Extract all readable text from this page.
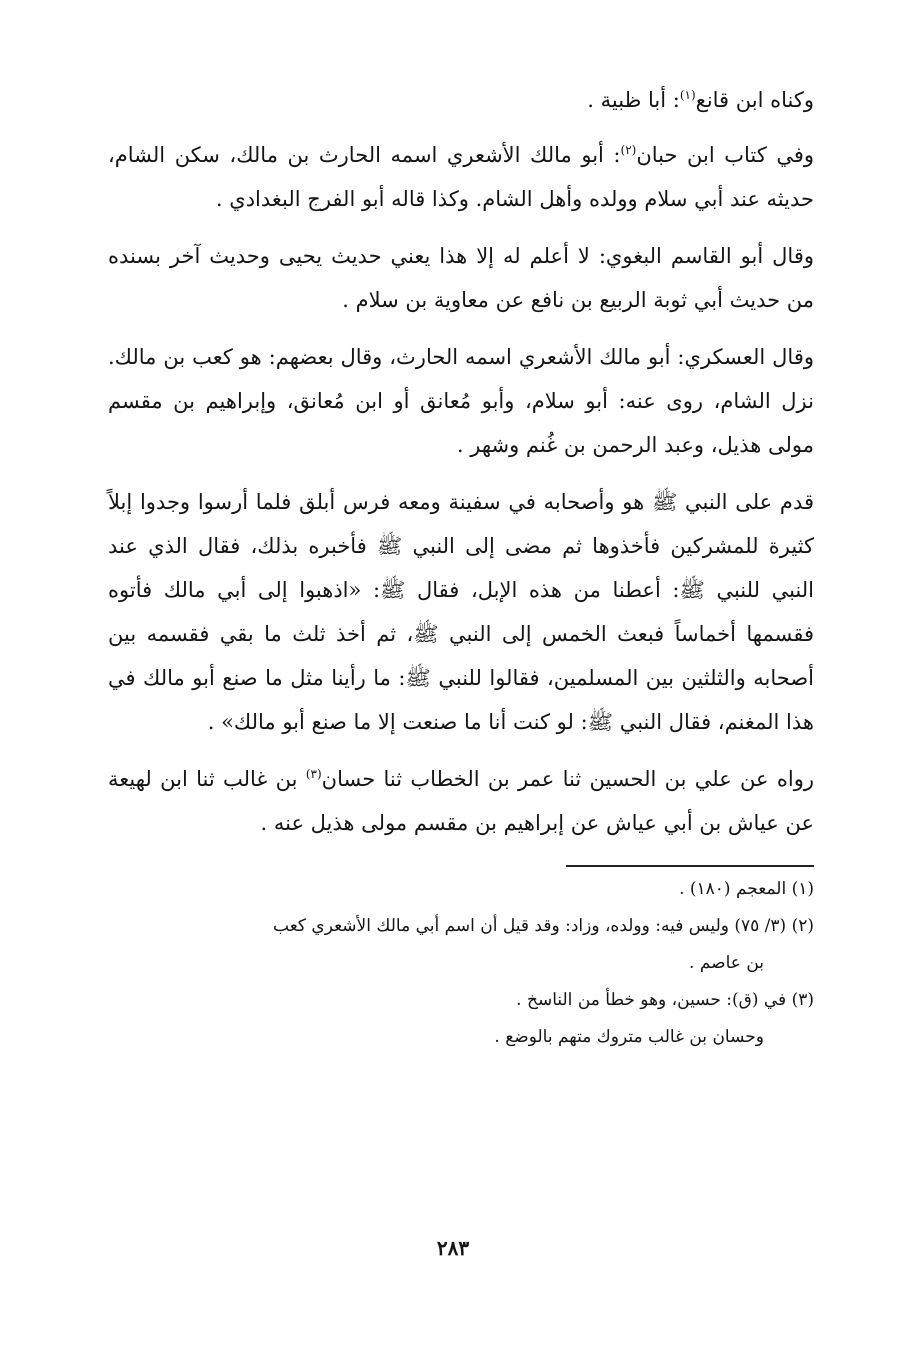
وكناه ابن قانع$^{(١)}$: أبا ظبية .

وفي كتاب ابن حبان$^{(٢)}$: أبو مالك الأشعري اسمه الحارث بن مالك، سكن الشام، حديثه عند أبي سلام وولده وأهل الشام. وكذا قاله أبو الفرج البغدادي .

وقال أبو القاسم البغوي: لا أعلم له إلا هذا يعني حديث يحيى وحديث آخر بسنده من حديث أبي ثوبة الربيع بن نافع عن معاوية بن سلام .

وقال العسكري: أبو مالك الأشعري اسمه الحارث، وقال بعضهم: هو كعب بن مالك. نزل الشام، روى عنه: أبو سلام، وأبو مُعانق أو ابن مُعانق، وإبراهيم بن مقسم مولى هذيل، وعبد الرحمن بن غُنم وشهر .

قدم على النبي ﷺ هو وأصحابه في سفينة ومعه فرس أبلق فلما أرسوا وجدوا إبلاً كثيرة للمشركين فأخذوها ثم مضى إلى النبي ﷺ فأخبره بذلك، فقال الذي عند النبي للنبي ﷺ: أعطنا من هذه الإبل، فقال ﷺ: «اذهبوا إلى أبي مالك فأتوه فقسمها أخماساً فبعث الخمس إلى النبي ﷺ، ثم أخذ ثلث ما بقي فقسمه بين أصحابه والثلثين بين المسلمين، فقالوا للنبي ﷺ: ما رأينا مثل ما صنع أبو مالك في هذا المغنم، فقال النبي ﷺ: لو كنت أنا ما صنعت إلا ما صنع أبو مالك» .

رواه عن علي بن الحسين ثنا عمر بن الخطاب ثنا حسان$^{(٣)}$ بن غالب ثنا ابن لهيعة عن عياش بن أبي عياش عن إبراهيم بن مقسم مولى هذيل عنه .

(١) المعجم (١٨٠) .
(٢) (٣/ ٧٥) وليس فيه: وولده، وزاد: وقد قيل أن اسم أبي مالك الأشعري كعب
بن عاصم .
(٣) في (ق): حسين، وهو خطأ من الناسخ .
وحسان بن غالب متروك متهم بالوضع .
٢٨٣
